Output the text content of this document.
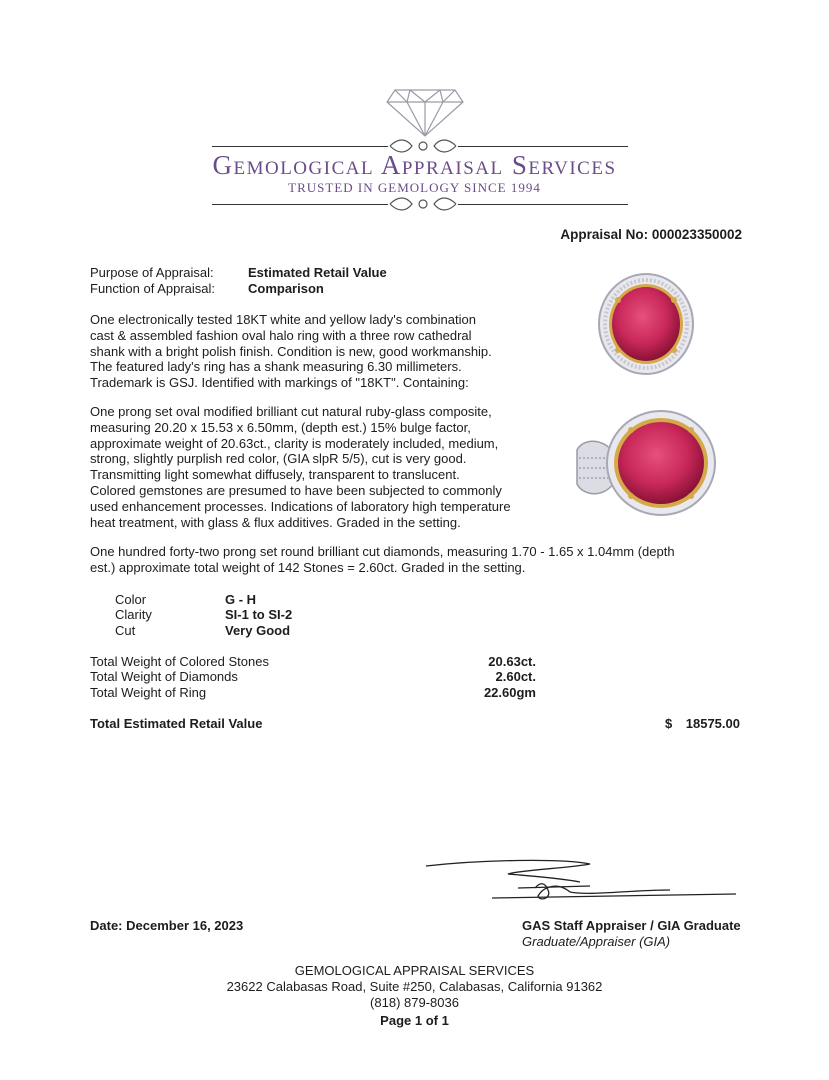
Gemological Appraisal Services
TRUSTED IN GEMOLOGY SINCE 1994
Appraisal No: 000023350002
Purpose of Appraisal:	Estimated Retail Value
Function of Appraisal:	Comparison
One electronically tested 18KT white and yellow lady's combination
cast & assembled fashion oval halo ring with a three row cathedral
shank with a bright polish finish. Condition is new, good workmanship.
The featured lady's ring has a shank measuring 6.30 millimeters.
Trademark is GSJ. Identified with markings of "18KT". Containing:
One prong set oval modified brilliant cut natural ruby-glass composite,
measuring 20.20 x 15.53 x 6.50mm, (depth est.) 15% bulge factor,
approximate weight of 20.63ct., clarity is moderately included, medium,
strong, slightly purplish red color, (GIA slpR 5/5), cut is very good.
Transmitting light somewhat diffusely, transparent to translucent.
Colored gemstones are presumed to have been subjected to commonly
used enhancement processes. Indications of laboratory high temperature
heat treatment, with glass & flux additives. Graded in the setting.
One hundred forty-two prong set round brilliant cut diamonds, measuring 1.70 - 1.65 x 1.04mm (depth
est.) approximate total weight of 142 Stones = 2.60ct. Graded in the setting.
Color	G - H
Clarity	SI-1 to SI-2
Cut	Very Good
Total Weight of Colored Stones	20.63ct.
Total Weight of Diamonds	2.60ct.
Total Weight of Ring	22.60gm
Total Estimated Retail Value	$	18575.00
Date: December 16, 2023	GAS Staff Appraiser / GIA Graduate
Graduate/Appraiser (GIA)
GEMOLOGICAL APPRAISAL SERVICES
23622 Calabasas Road, Suite #250, Calabasas, California 91362
(818) 879-8036
Page 1 of 1
